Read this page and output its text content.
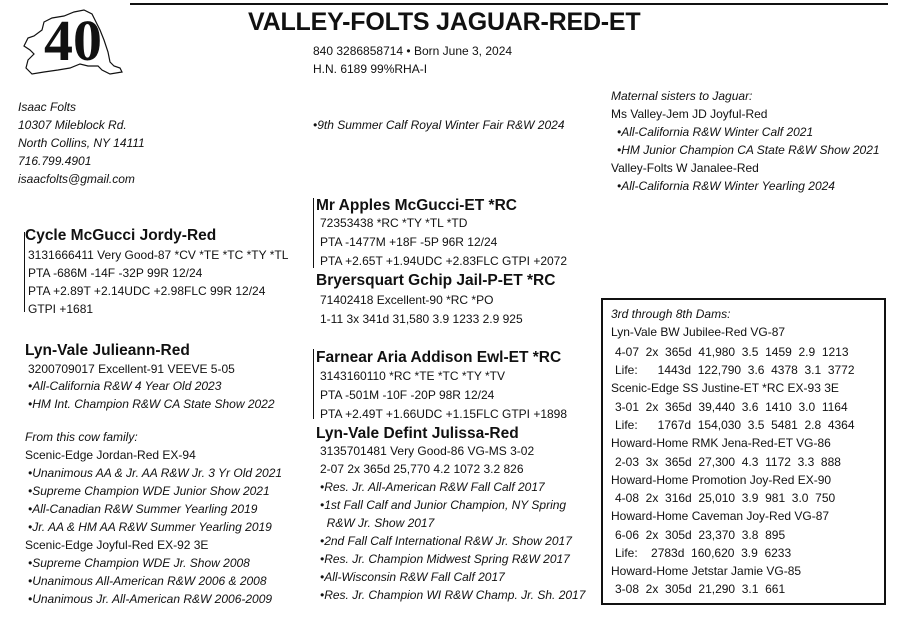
40	VALLEY-FOLTS JAGUAR-RED-ET
840 3286858714 • Born June 3, 2024
H.N. 6189 99%RHA-I
Isaac Folts
10307 Mileblock Rd.
North Collins, NY 14111
716.799.4901
isaacfolts@gmail.com
•9th Summer Calf Royal Winter Fair R&W 2024
Maternal sisters to Jaguar:
Ms Valley-Jem JD Joyful-Red
•All-California R&W Winter Calf 2021
•HM Junior Champion CA State R&W Show 2021
Valley-Folts W Janalee-Red
•All-California R&W Winter Yearling 2024
Mr Apples McGucci-ET *RC
72353438 *RC *TY *TL *TD
PTA -1477M +18F -5P 96R 12/24
PTA +2.65T +1.94UDC +2.83FLC GTPI +2072
Bryersquart Gchip Jail-P-ET *RC
71402418 Excellent-90 *RC *PO
1-11 3x 341d 31,580 3.9 1233 2.9 925
Cycle McGucci Jordy-Red
3131666411 Very Good-87 *CV *TE *TC *TY *TL
PTA -686M -14F -32P 99R 12/24
PTA +2.89T +2.14UDC +2.98FLC 99R 12/24
GTPI +1681
Lyn-Vale Julieann-Red
3200709017 Excellent-91 VEEVE 5-05
•All-California R&W 4 Year Old 2023
•HM Int. Champion R&W CA State Show 2022
From this cow family:
Scenic-Edge Jordan-Red EX-94
•Unanimous AA & Jr. AA R&W Jr. 3 Yr Old 2021
•Supreme Champion WDE Junior Show 2021
•All-Canadian R&W Summer Yearling 2019
•Jr. AA & HM AA R&W Summer Yearling 2019
Scenic-Edge Joyful-Red EX-92 3E
•Supreme Champion WDE Jr. Show 2008
•Unanimous All-American R&W 2006 & 2008
•Unanimous Jr. All-American R&W 2006-2009
Farnear Aria Addison Ewl-ET *RC
3143160110 *RC *TE *TC *TY *TV
PTA -501M -10F -20P 98R 12/24
PTA +2.49T +1.66UDC +1.15FLC GTPI +1898
Lyn-Vale Defint Julissa-Red
3135701481 Very Good-86 VG-MS 3-02
2-07 2x 365d 25,770 4.2 1072 3.2 826
•Res. Jr. All-American R&W Fall Calf 2017
•1st Fall Calf and Junior Champion, NY Spring
R&W Jr. Show 2017
•2nd Fall Calf International R&W Jr. Show 2017
•Res. Jr. Champion Midwest Spring R&W 2017
•All-Wisconsin R&W Fall Calf 2017
•Res. Jr. Champion WI R&W Champ. Jr. Sh. 2017
3rd through 8th Dams:
Lyn-Vale BW Jubilee-Red VG-87
4-07  2x  365d  41,980  3.5  1459  2.9  1213
Life:      1443d  122,790  3.6  4378  3.1  3772
Scenic-Edge SS Justine-ET *RC EX-93 3E
3-01  2x  365d  39,440  3.6  1410  3.0  1164
Life:      1767d  154,030  3.5  5481  2.8  4364
Howard-Home RMK Jena-Red-ET VG-86
2-03  3x  365d  27,300  4.3  1172  3.3  888
Howard-Home Promotion Joy-Red EX-90
4-08  2x  316d  25,010  3.9  981  3.0  750
Howard-Home Caveman Joy-Red VG-87
6-06  2x  305d  23,370  3.8  895
Life:    2783d  160,620  3.9  6233
Howard-Home Jetstar Jamie VG-85
3-08  2x  305d  21,290  3.1  661
